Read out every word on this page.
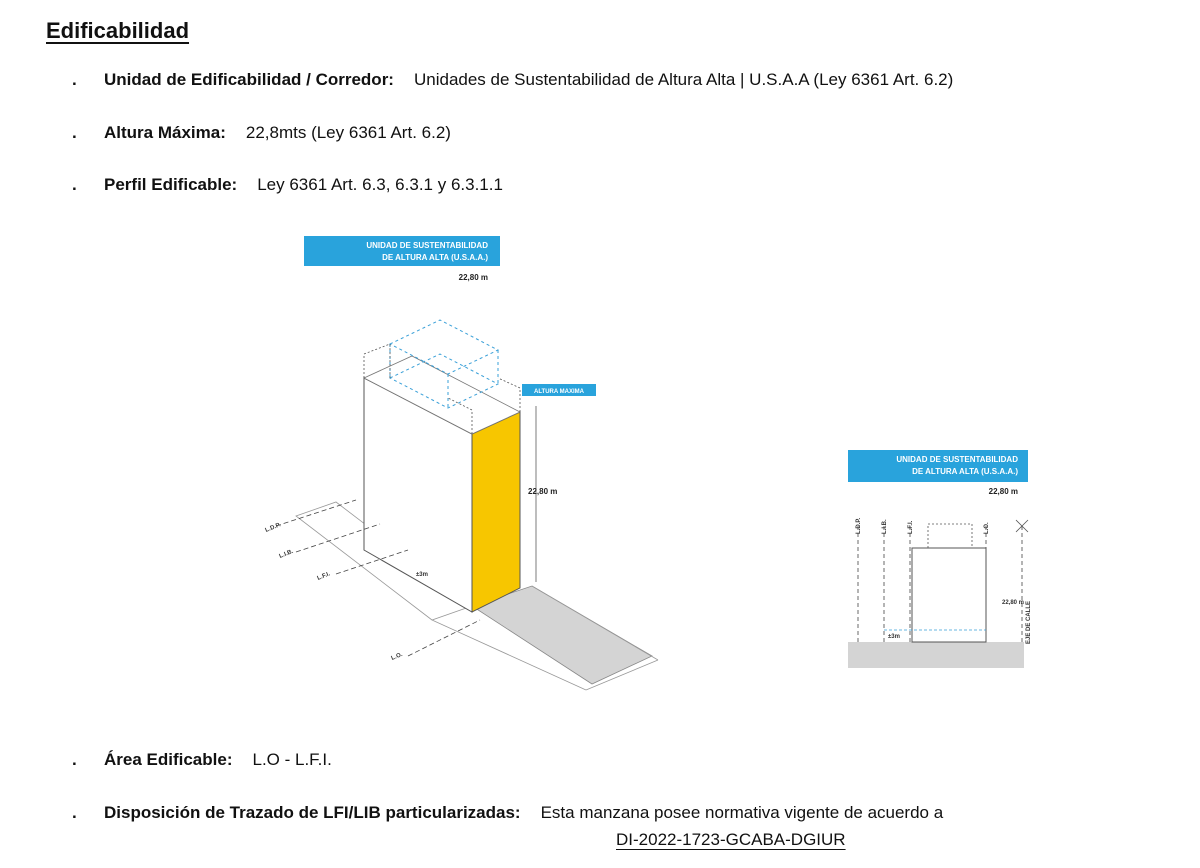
Edificabilidad
. Unidad de Edificabilidad / Corredor: Unidades de Sustentabilidad de Altura Alta | U.S.A.A (Ley 6361 Art. 6.2)
. Altura Máxima: 22,8mts (Ley 6361 Art. 6.2)
. Perfil Edificable: Ley 6361 Art. 6.3, 6.3.1 y 6.3.1.1
UNIDAD DE SUSTENTABILIDAD
DE ALTURA ALTA (U.S.A.A.)
22,80 m
ALTURA MAXIMA
22,80 m
±3m
L.D.P.
L.I.B.
L.F.I.
L.O.
UNIDAD DE SUSTENTABILIDAD
DE ALTURA ALTA (U.S.A.A.)
22,80 m
22,80 m
±3m
L.D.P.	L.I.B.	L.F.I.	L.O.
EJE DE CALLE
. Área Edificable: L.O - L.F.I.
. Disposición de Trazado de LFI/LIB particularizadas: Esta manzana posee normativa vigente de acuerdo a
DI-2022-1723-GCABA-DGIUR
